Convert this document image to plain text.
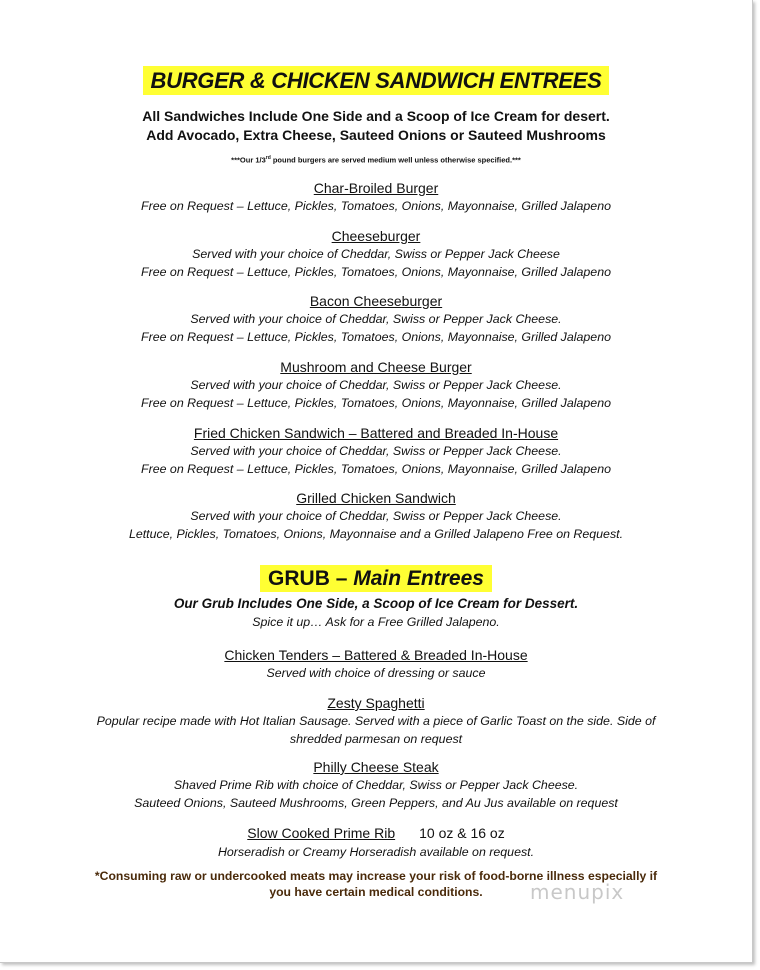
BURGER & CHICKEN SANDWICH ENTREES
All Sandwiches Include One Side and a Scoop of Ice Cream for desert.
Add Avocado, Extra Cheese, Sauteed Onions or Sauteed Mushrooms
***Our 1/3rd pound burgers are served medium well unless otherwise specified.***
Char-Broiled Burger
Free on Request – Lettuce, Pickles, Tomatoes, Onions, Mayonnaise, Grilled Jalapeno
Cheeseburger
Served with your choice of Cheddar, Swiss or Pepper Jack Cheese
Free on Request – Lettuce, Pickles, Tomatoes, Onions, Mayonnaise, Grilled Jalapeno
Bacon Cheeseburger
Served with your choice of Cheddar, Swiss or Pepper Jack Cheese.
Free on Request – Lettuce, Pickles, Tomatoes, Onions, Mayonnaise, Grilled Jalapeno
Mushroom and Cheese Burger
Served with your choice of Cheddar, Swiss or Pepper Jack Cheese.
Free on Request – Lettuce, Pickles, Tomatoes, Onions, Mayonnaise, Grilled Jalapeno
Fried Chicken Sandwich – Battered and Breaded In-House
Served with your choice of Cheddar, Swiss or Pepper Jack Cheese.
Free on Request – Lettuce, Pickles, Tomatoes, Onions, Mayonnaise, Grilled Jalapeno
Grilled Chicken Sandwich
Served with your choice of Cheddar, Swiss or Pepper Jack Cheese.
Lettuce, Pickles, Tomatoes, Onions, Mayonnaise and a Grilled Jalapeno Free on Request.
GRUB – Main Entrees
Our Grub Includes One Side, a Scoop of Ice Cream for Dessert.
Spice it up… Ask for a Free Grilled Jalapeno.
Chicken Tenders – Battered & Breaded In-House
Served with choice of dressing or sauce
Zesty Spaghetti
Popular recipe made with Hot Italian Sausage. Served with a piece of Garlic Toast on the side. Side of
shredded parmesan on request
Philly Cheese Steak
Shaved Prime Rib with choice of Cheddar, Swiss or Pepper Jack Cheese.
Sauteed Onions, Sauteed Mushrooms, Green Peppers, and Au Jus available on request
Slow Cooked Prime Rib 10 oz & 16 oz
Horseradish or Creamy Horseradish available on request.
*Consuming raw or undercooked meats may increase your risk of food-borne illness especially if
you have certain medical conditions.	menupix
